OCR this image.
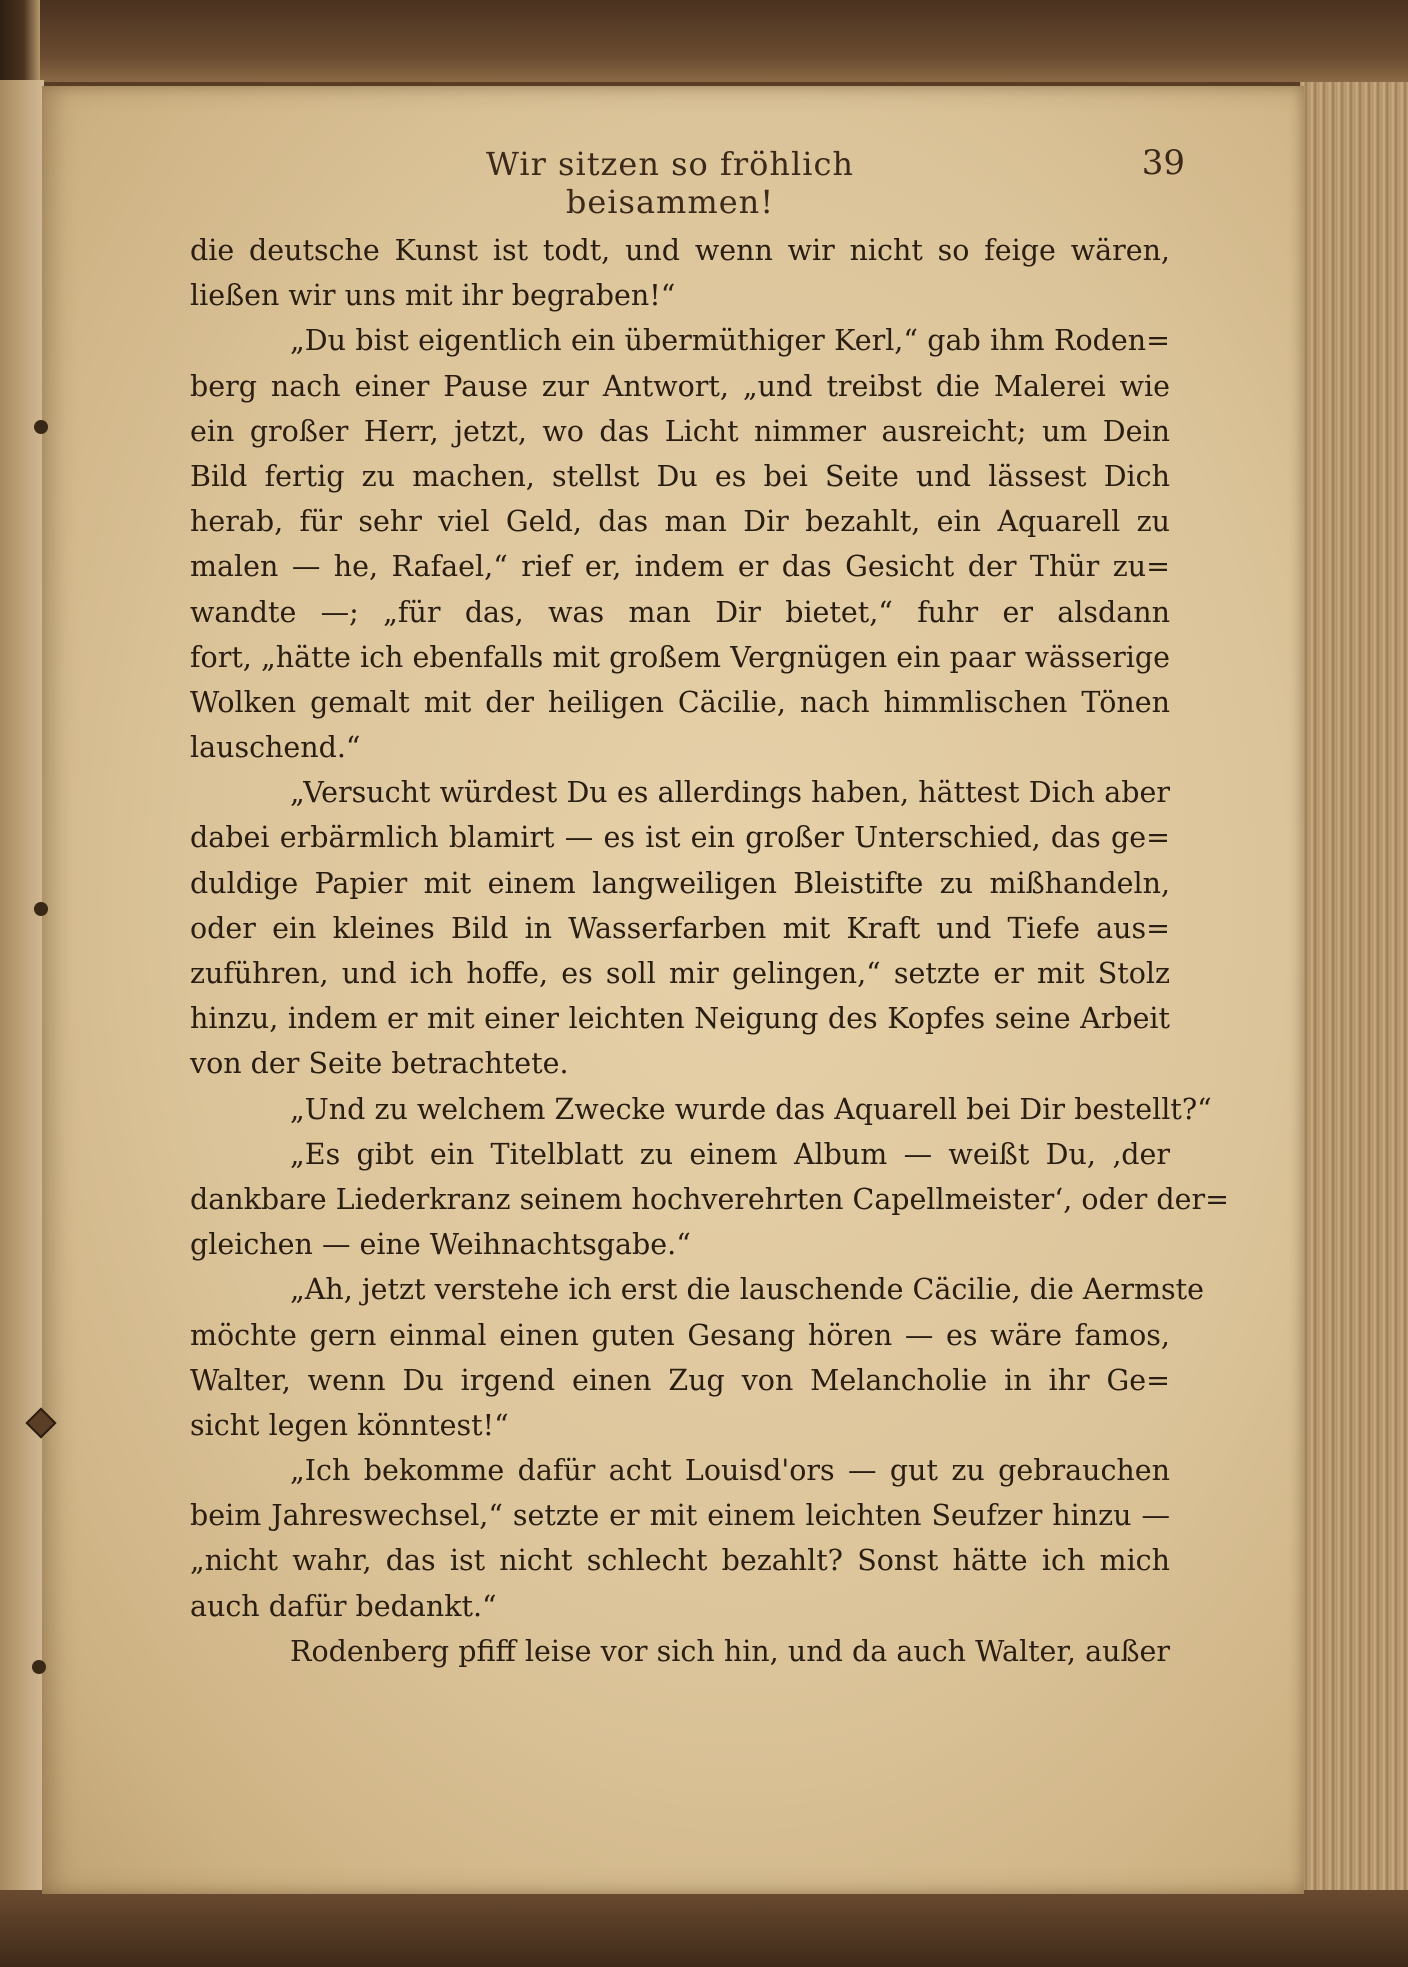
Wir sitzen so fröhlich beisammen!
39
die deutsche Kunst ist todt, und wenn wir nicht so feige wären,
ließen wir uns mit ihr begraben!“
„Du bist eigentlich ein übermüthiger Kerl,“ gab ihm Roden=
berg nach einer Pause zur Antwort, „und treibst die Malerei wie
ein großer Herr, jetzt, wo das Licht nimmer ausreicht; um Dein
Bild fertig zu machen, stellst Du es bei Seite und lässest Dich
herab, für sehr viel Geld, das man Dir bezahlt, ein Aquarell zu
malen — he, Rafael,“ rief er, indem er das Gesicht der Thür zu=
wandte —; „für das, was man Dir bietet,“ fuhr er alsdann
fort, „hätte ich ebenfalls mit großem Vergnügen ein paar wässerige
Wolken gemalt mit der heiligen Cäcilie, nach himmlischen Tönen
lauschend.“
„Versucht würdest Du es allerdings haben, hättest Dich aber
dabei erbärmlich blamirt — es ist ein großer Unterschied, das ge=
duldige Papier mit einem langweiligen Bleistifte zu mißhandeln,
oder ein kleines Bild in Wasserfarben mit Kraft und Tiefe aus=
zuführen, und ich hoffe, es soll mir gelingen,“ setzte er mit Stolz
hinzu, indem er mit einer leichten Neigung des Kopfes seine Arbeit
von der Seite betrachtete.
„Und zu welchem Zwecke wurde das Aquarell bei Dir bestellt?“
„Es gibt ein Titelblatt zu einem Album — weißt Du, ‚der
dankbare Liederkranz seinem hochverehrten Capellmeister‘, oder der=
gleichen — eine Weihnachtsgabe.“
„Ah, jetzt verstehe ich erst die lauschende Cäcilie, die Aermste
möchte gern einmal einen guten Gesang hören — es wäre famos,
Walter, wenn Du irgend einen Zug von Melancholie in ihr Ge=
sicht legen könntest!“
„Ich bekomme dafür acht Louisd'ors — gut zu gebrauchen
beim Jahreswechsel,“ setzte er mit einem leichten Seufzer hinzu —
„nicht wahr, das ist nicht schlecht bezahlt? Sonst hätte ich mich
auch dafür bedankt.“
Rodenberg pfiff leise vor sich hin, und da auch Walter, außer
